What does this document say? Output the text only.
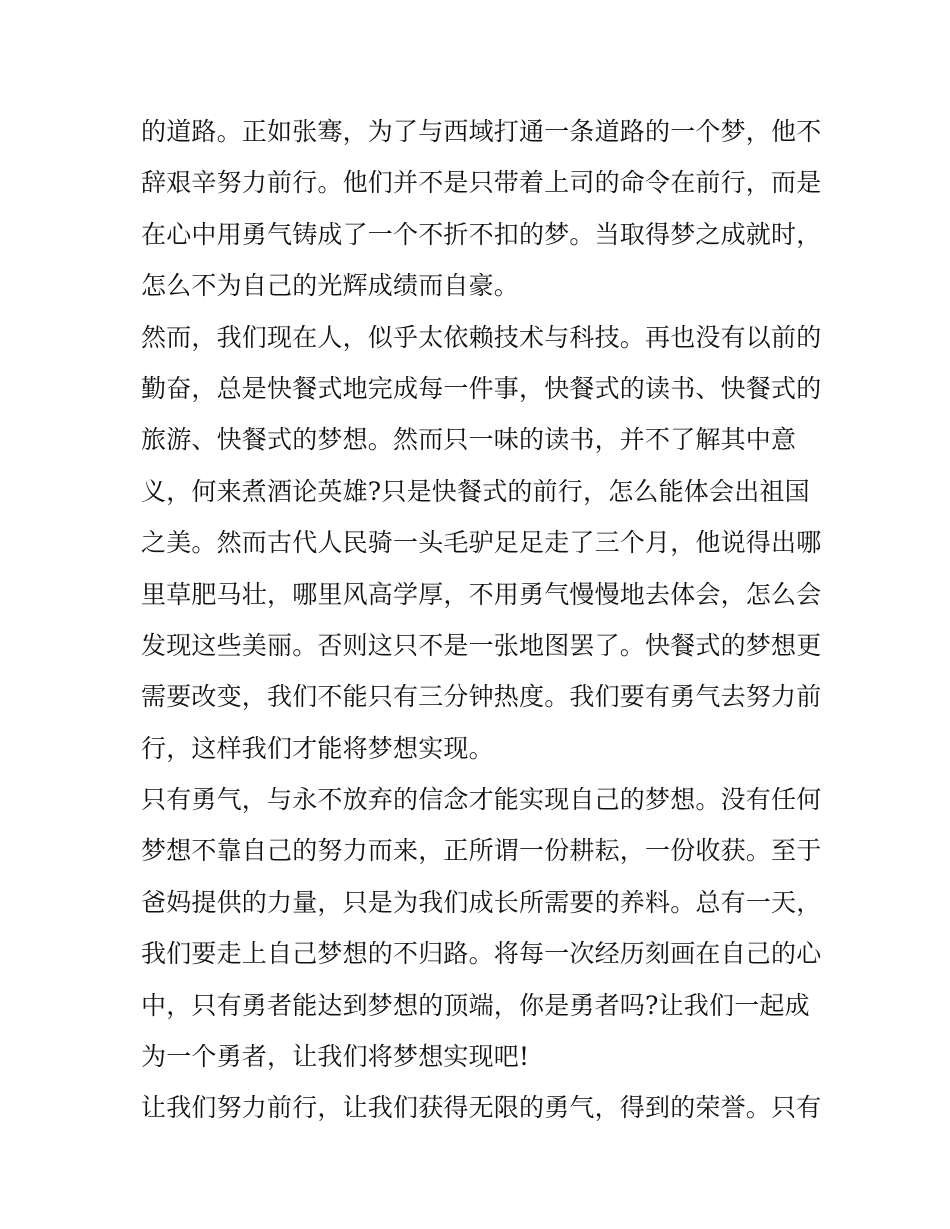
的道路。正如张骞，为了与西域打通一条道路的一个梦，他不
辞艰辛努力前行。他们并不是只带着上司的命令在前行，而是
在心中用勇气铸成了一个不折不扣的梦。当取得梦之成就时，
怎么不为自己的光辉成绩而自豪。
然而，我们现在人，似乎太依赖技术与科技。再也没有以前的
勤奋，总是快餐式地完成每一件事，快餐式的读书、快餐式的
旅游、快餐式的梦想。然而只一味的读书，并不了解其中意
义，何来煮酒论英雄?只是快餐式的前行，怎么能体会出祖国
之美。然而古代人民骑一头毛驴足足走了三个月，他说得出哪
里草肥马壮，哪里风高学厚，不用勇气慢慢地去体会，怎么会
发现这些美丽。否则这只不是一张地图罢了。快餐式的梦想更
需要改变，我们不能只有三分钟热度。我们要有勇气去努力前
行，这样我们才能将梦想实现。
只有勇气，与永不放弃的信念才能实现自己的梦想。没有任何
梦想不靠自己的努力而来，正所谓一份耕耘，一份收获。至于
爸妈提供的力量，只是为我们成长所需要的养料。总有一天，
我们要走上自己梦想的不归路。将每一次经历刻画在自己的心
中，只有勇者能达到梦想的顶端，你是勇者吗?让我们一起成
为一个勇者，让我们将梦想实现吧!
让我们努力前行，让我们获得无限的勇气，得到的荣誉。只有
